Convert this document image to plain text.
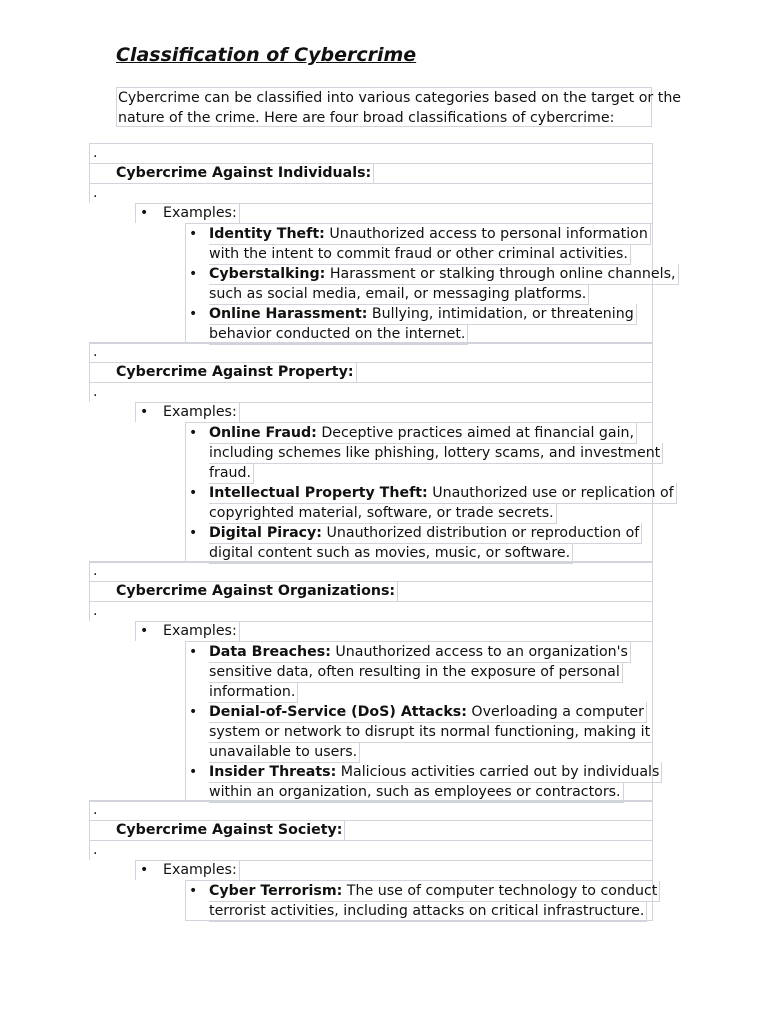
Classification of Cybercrime
Cybercrime can be classified into various categories based on the target or the
nature of the crime. Here are four broad classifications of cybercrime:
.
Cybercrime Against Individuals:
.
• Examples:
• Identity Theft: Unauthorized access to personal information
with the intent to commit fraud or other criminal activities.
• Cyberstalking: Harassment or stalking through online channels,
such as social media, email, or messaging platforms.
• Online Harassment: Bullying, intimidation, or threatening
behavior conducted on the internet.
.
Cybercrime Against Property:
.
• Examples:
• Online Fraud: Deceptive practices aimed at financial gain,
including schemes like phishing, lottery scams, and investment
fraud.
• Intellectual Property Theft: Unauthorized use or replication of
copyrighted material, software, or trade secrets.
• Digital Piracy: Unauthorized distribution or reproduction of
digital content such as movies, music, or software.
.
Cybercrime Against Organizations:
.
• Examples:
• Data Breaches: Unauthorized access to an organization's
sensitive data, often resulting in the exposure of personal
information.
• Denial-of-Service (DoS) Attacks: Overloading a computer
system or network to disrupt its normal functioning, making it
unavailable to users.
• Insider Threats: Malicious activities carried out by individuals
within an organization, such as employees or contractors.
.
Cybercrime Against Society:
.
• Examples:
• Cyber Terrorism: The use of computer technology to conduct
terrorist activities, including attacks on critical infrastructure.
